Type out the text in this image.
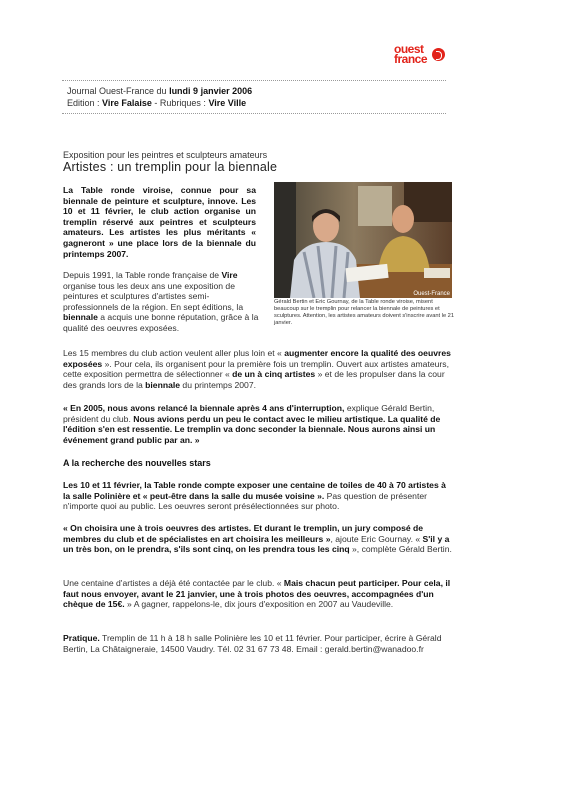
ouest
france
Journal Ouest-France du lundi 9 janvier 2006
Edition : Vire Falaise - Rubriques : Vire Ville
Exposition pour les peintres et sculpteurs amateurs
Artistes : un tremplin pour la biennale
La Table ronde viroise, connue pour sa biennale de peinture et sculpture, innove. Les 10 et 11 février, le club action organise un tremplin réservé aux peintres et sculpteurs amateurs. Les artistes les plus méritants « gagneront » une place lors de la biennale du printemps 2007.
Depuis 1991, la Table ronde française de Vire organise tous les deux ans une exposition de peintures et sculptures d'artistes semi-professionnels de la région. En sept éditions, la biennale a acquis une bonne réputation, grâce à la qualité des oeuvres exposées.
Ouest-France
Gérald Bertin et Eric Gournay, de la Table ronde viroise, misent beaucoup sur le tremplin pour relancer la biennale de peintures et sculptures. Attention, les artistes amateurs doivent s'inscrire avant le 21 janvier.
Les 15 membres du club action veulent aller plus loin et « augmenter encore la qualité des oeuvres exposées ». Pour cela, ils organisent pour la première fois un tremplin. Ouvert aux artistes amateurs, cette exposition permettra de sélectionner « de un à cinq artistes » et de les propulser dans la cour des grands lors de la biennale du printemps 2007.
« En 2005, nous avons relancé la biennale après 4 ans d'interruption, explique Gérald Bertin, président du club. Nous avions perdu un peu le contact avec le milieu artistique. La qualité de l'édition s'en est ressentie. Le tremplin va donc seconder la biennale. Nous aurons ainsi un événement grand public par an. »
A la recherche des nouvelles stars
Les 10 et 11 février, la Table ronde compte exposer une centaine de toiles de 40 à 70 artistes à la salle Polinière et « peut-être dans la salle du musée voisine ». Pas question de présenter n'importe quoi au public. Les oeuvres seront présélectionnées sur photo.
« On choisira une à trois oeuvres des artistes. Et durant le tremplin, un jury composé de membres du club et de spécialistes en art choisira les meilleurs », ajoute Eric Gournay. « S'il y a un très bon, on le prendra, s'ils sont cinq, on les prendra tous les cinq », complète Gérald Bertin.
Une centaine d'artistes a déjà été contactée par le club. « Mais chacun peut participer. Pour cela, il faut nous envoyer, avant le 21 janvier, une à trois photos des oeuvres, accompagnées d'un chèque de 15€. » A gagner, rappelons-le, dix jours d'exposition en 2007 au Vaudeville.
Pratique. Tremplin de 11 h à 18 h salle Polinière les 10 et 11 février. Pour participer, écrire à Gérald Bertin, La Châtaigneraie, 14500 Vaudry. Tél. 02 31 67 73 48. Email : gerald.bertin@wanadoo.fr
